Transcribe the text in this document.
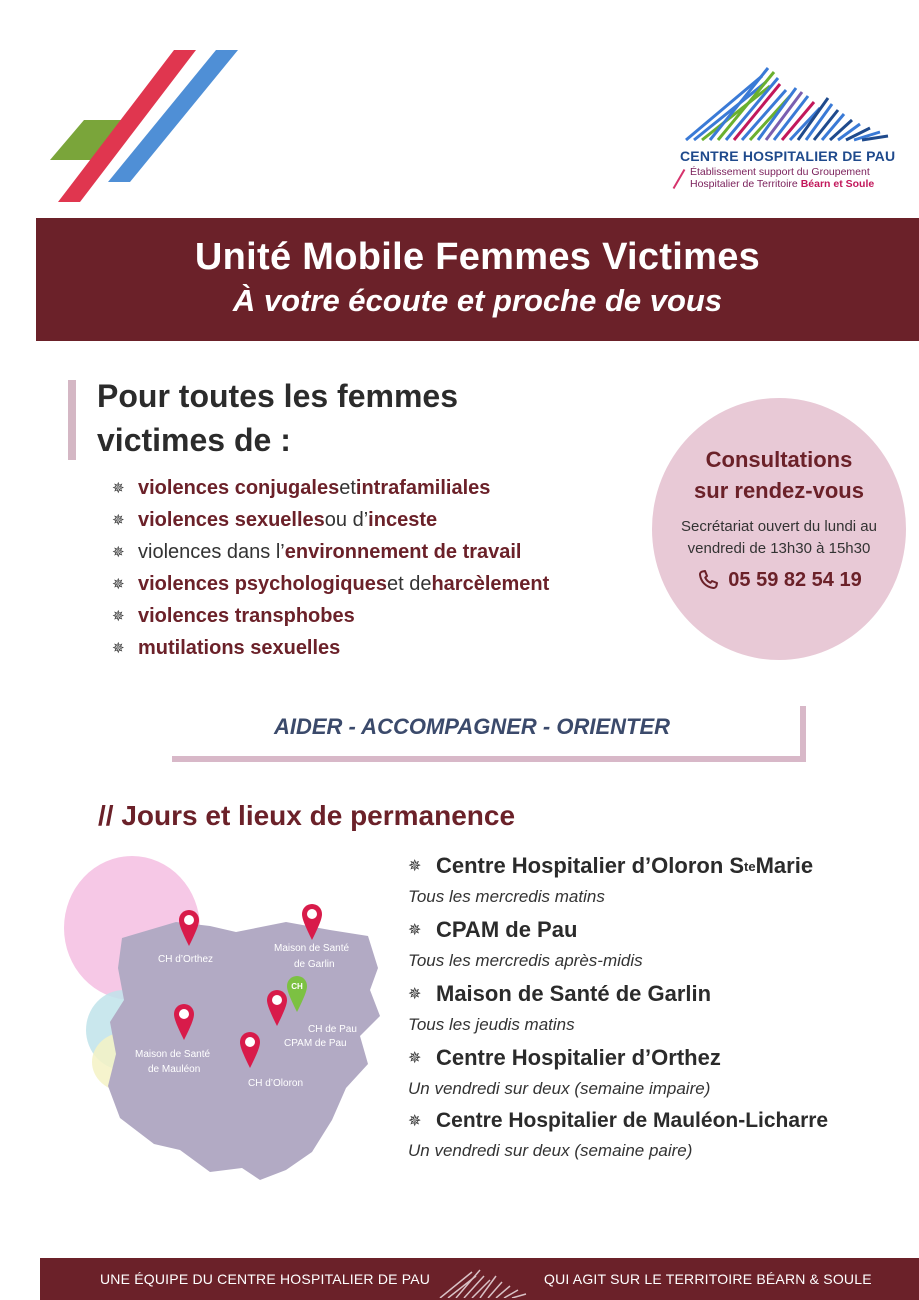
CENTRE HOSPITALIER DE PAU
Établissement support du Groupement
Hospitalier de Territoire Béarn et Soule
Unité Mobile Femmes Victimes
À votre écoute et proche de vous
Pour toutes les femmes
victimes de :
✵ violences conjugales et intrafamiliales
✵ violences sexuelles ou d’ inceste
✵ violences dans l’ environnement de travail
✵ violences psychologiques et de harcèlement
✵ violences transphobes
✵ mutilations sexuelles
Consultations
sur rendez-vous
Secrétariat ouvert du lundi au
vendredi de 13h30 à 15h30
05 59 82 54 19
AIDER - ACCOMPAGNER - ORIENTER
// Jours et lieux de permanence
CH
CH d’Orthez
Maison de Santé
de Garlin
CH de Pau
CPAM de Pau
Maison de Santé
de Mauléon
CH d’Oloron
✵ Centre Hospitalier d’Oloron S te Marie
Tous les mercredis matins
✵ CPAM de Pau
Tous les mercredis après-midis
✵ Maison de Santé de Garlin
Tous les jeudis matins
✵ Centre Hospitalier d’Orthez
Un vendredi sur deux (semaine impaire)
✵ Centre Hospitalier de Mauléon-Licharre
Un vendredi sur deux (semaine paire)
UNE ÉQUIPE DU CENTRE HOSPITALIER DE PAU	QUI AGIT SUR LE TERRITOIRE BÉARN & SOULE
